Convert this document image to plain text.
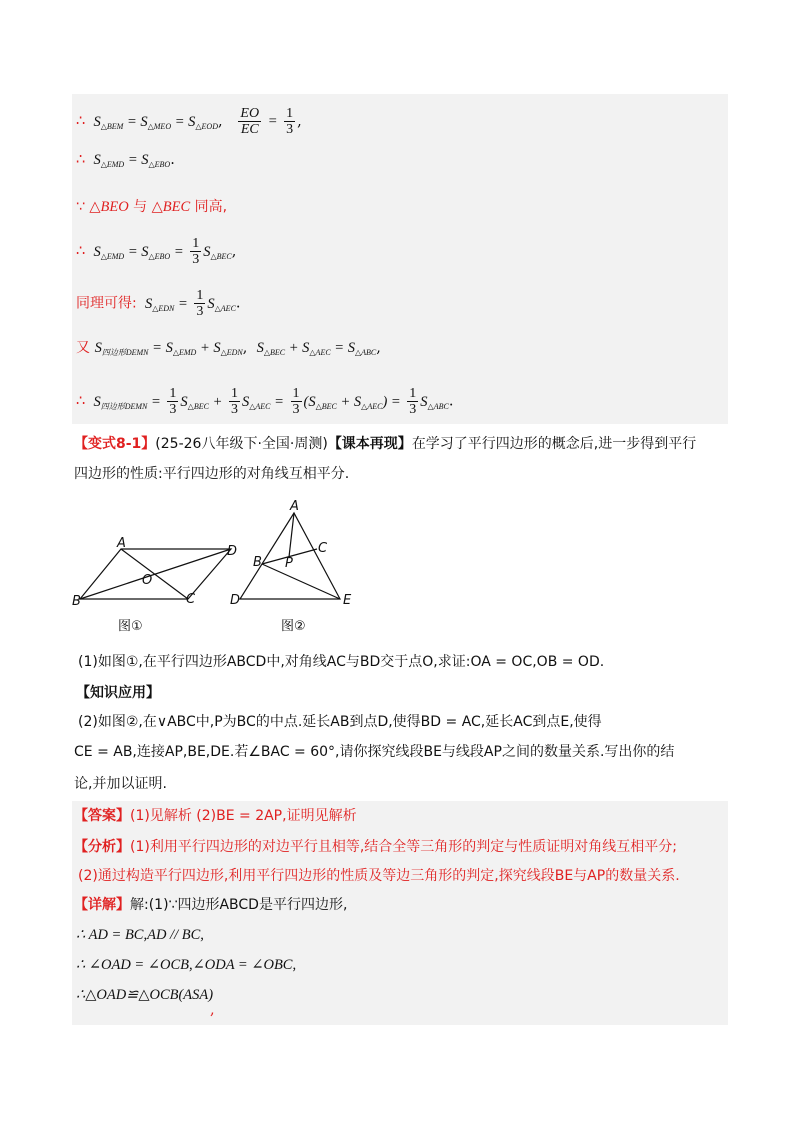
∴  $S_{\triangle BEM} = S_{\triangle MEO} = S_{\triangle EOD}$, $\frac{EO}{EC} = \frac{1}{3}$ ,
∴  $S_{\triangle EMD} = S_{\triangle EBO}$.
∵ △BEO 与 △BEC 同高,
∴  $S_{\triangle EMD} = S_{\triangle EBO} = \frac{1}{3} S_{\triangle BEC}$,
同理可得:  $S_{\triangle EDN} = \frac{1}{3} S_{\triangle AEC}$.
又 $S_{四边形DEMN} = S_{\triangle EMD} + S_{\triangle EDN}$,  $S_{\triangle BEC} + S_{\triangle AEC} = S_{\triangle ABC}$,
∴  $S_{四边形DEMN} = \frac{1}{3} S_{\triangle BEC} + \frac{1}{3} S_{\triangle AEC} = \frac{1}{3} (S_{\triangle BEC} + S_{\triangle AEC}) = \frac{1}{3} S_{\triangle ABC}$.
【变式8-1】(25-26八年级下·全国·周测)【课本再现】在学习了平行四边形的概念后,进一步得到平行
四边形的性质:平行四边形的对角线互相平分.
A
D
O
B	C
A
B
C
P
D	E
图①	图②
(1)如图①,在平行四边形ABCD中,对角线AC与BD交于点O,求证:OA = OC,OB = OD.
【知识应用】
(2)如图②,在∨ABC中,P为BC的中点.延长AB到点D,使得BD = AC,延长AC到点E,使得
CE = AB,连接AP,BE,DE.若∠BAC = 60°,请你探究线段BE与线段AP之间的数量关系.写出你的结
论,并加以证明.
【答案】(1)见解析 (2)BE = 2AP,证明见解析
【分析】(1)利用平行四边形的对边平行且相等,结合全等三角形的判定与性质证明对角线互相平分;
(2)通过构造平行四边形,利用平行四边形的性质及等边三角形的判定,探究线段BE与AP的数量关系.
【详解】解:(1)∵四边形ABCD是平行四边形,
∴ AD = BC,AD // BC,
∴ ∠OAD = ∠OCB,∠ODA = ∠OBC,
∴△OAD≌△OCB(ASA)
,
